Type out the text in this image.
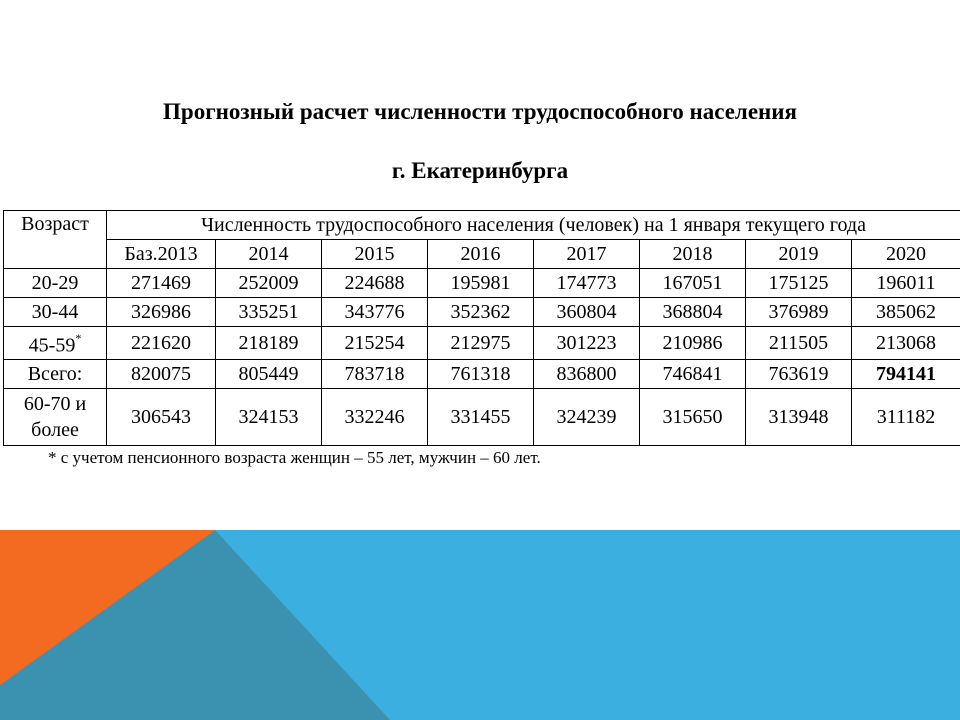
Прогнозный расчет численности трудоспособного населения
г. Екатеринбурга
Возраст	Численность трудоспособного населения (человек) на 1 января текущего года							
	Баз.2013	2014	2015	2016	2017	2018	2019	2020
20-29	271469	252009	224688	195981	174773	167051	175125	196011
30-44	326986	335251	343776	352362	360804	368804	376989	385062
45-59*	221620	218189	215254	212975	301223	210986	211505	213068
Всего:	820075	805449	783718	761318	836800	746841	763619	794141

60-70 и
более	306543	324153	332246	331455	324239	315650	313948	311182
* с учетом пенсионного возраста женщин – 55 лет, мужчин – 60 лет.
